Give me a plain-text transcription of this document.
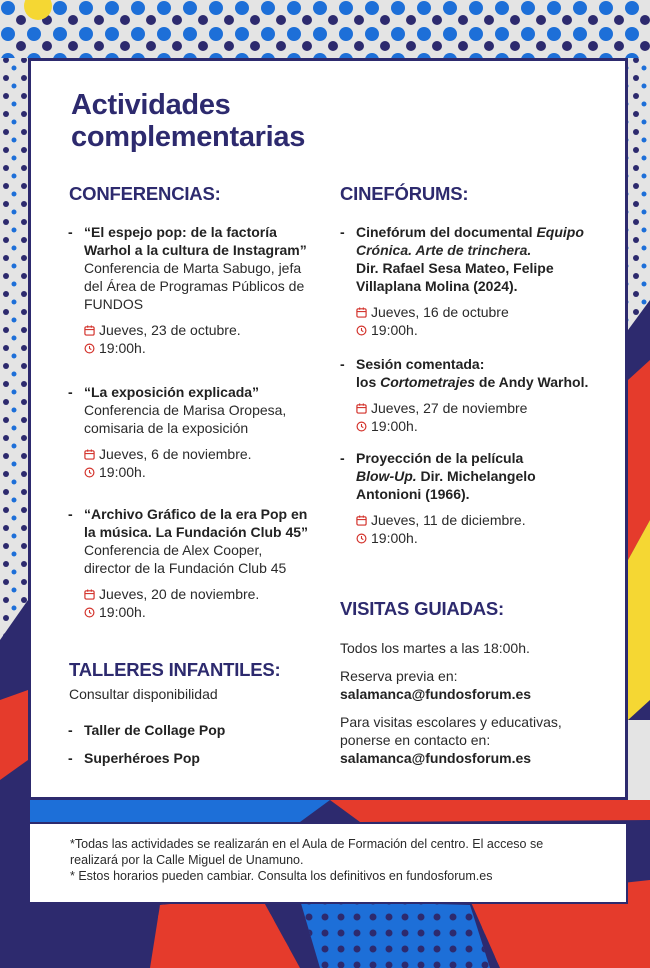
Actividades
complementarias
CONFERENCIAS:
- “El espejo pop: de la factoría
Warhol a la cultura de Instagram”
Conferencia de Marta Sabugo, jefa
del Área de Programas Públicos de
FUNDOS
Jueves, 23 de octubre.
19:00h.
- “La exposición explicada”
Conferencia de Marisa Oropesa,
comisaria de la exposición
Jueves, 6 de noviembre.
19:00h.
- “Archivo Gráfico de la era Pop en
la música. La Fundación Club 45”
Conferencia de Alex Cooper,
director de la Fundación Club 45
Jueves, 20 de noviembre.
19:00h.
TALLERES INFANTILES:
Consultar disponibilidad
- Taller de Collage Pop
- Superhéroes Pop
CINEFÓRUMS:
- Cinefórum del documental Equipo
Crónica. Arte de trinchera.
Dir. Rafael Sesa Mateo, Felipe
Villaplana Molina (2024).
Jueves, 16 de octubre
19:00h.
- Sesión comentada:
los Cortometrajes de Andy Warhol.
Jueves, 27 de noviembre
19:00h.
- Proyección de la película
Blow-Up. Dir. Michelangelo
Antonioni (1966).
Jueves, 11 de diciembre.
19:00h.
VISITAS GUIADAS:
Todos los martes a las 18:00h.
Reserva previa en:
salamanca@fundosforum.es
Para visitas escolares y educativas,
ponerse en contacto en:
salamanca@fundosforum.es
*Todas las actividades se realizarán en el Aula de Formación del centro. El acceso se
realizará por la Calle Miguel de Unamuno.
* Estos horarios pueden cambiar. Consulta los definitivos en fundosforum.es
